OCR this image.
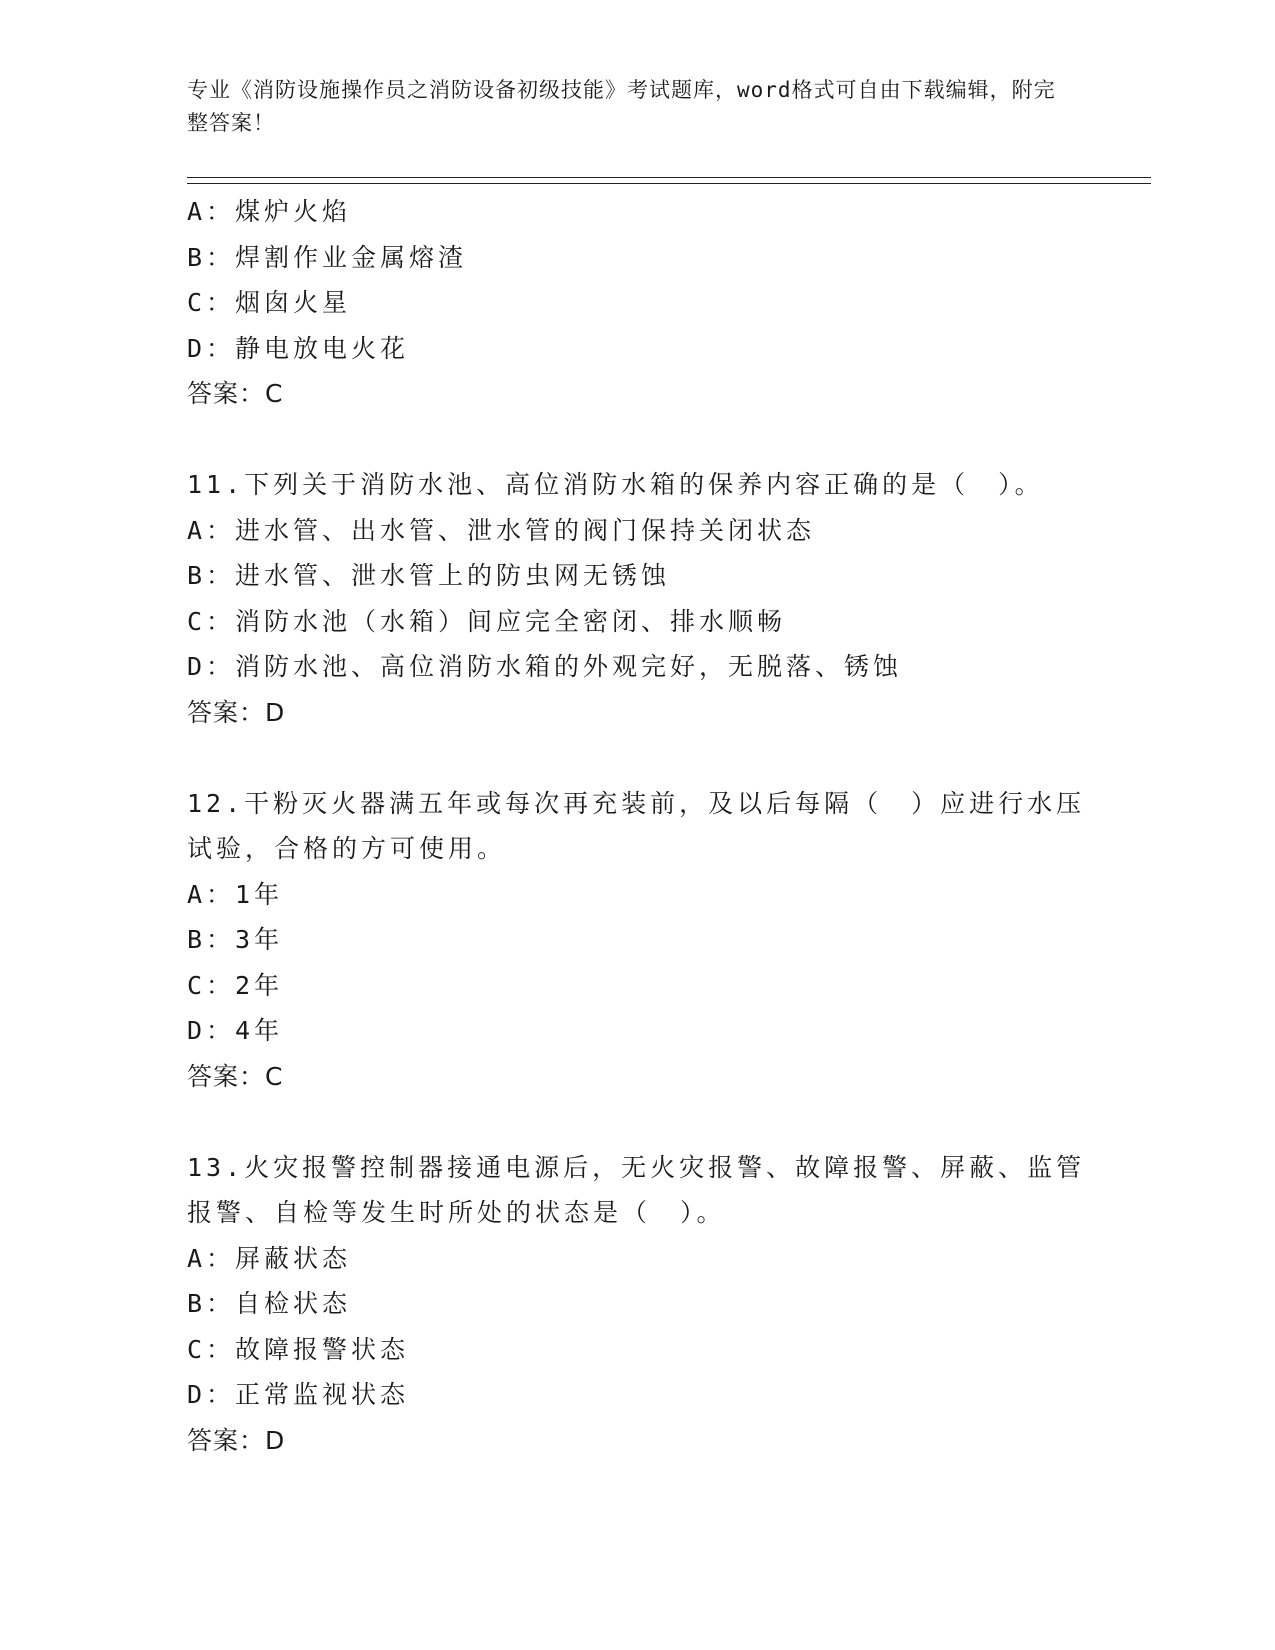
专业《消防设施操作员之消防设备初级技能》考试题库，word格式可自由下载编辑，附完整答案！
A：煤炉火焰
B：焊割作业金属熔渣
C：烟囱火星
D：静电放电火花
答案：C
11.下列关于消防水池、高位消防水箱的保养内容正确的是（　）。
A：进水管、出水管、泄水管的阀门保持关闭状态
B：进水管、泄水管上的防虫网无锈蚀
C：消防水池（水箱）间应完全密闭、排水顺畅
D：消防水池、高位消防水箱的外观完好，无脱落、锈蚀
答案：D
12.干粉灭火器满五年或每次再充装前，及以后每隔（　）应进行水压试验，合格的方可使用。
A：1年
B：3年
C：2年
D：4年
答案：C
13.火灾报警控制器接通电源后，无火灾报警、故障报警、屏蔽、监管报警、自检等发生时所处的状态是（　）。
A：屏蔽状态
B：自检状态
C：故障报警状态
D：正常监视状态
答案：D
